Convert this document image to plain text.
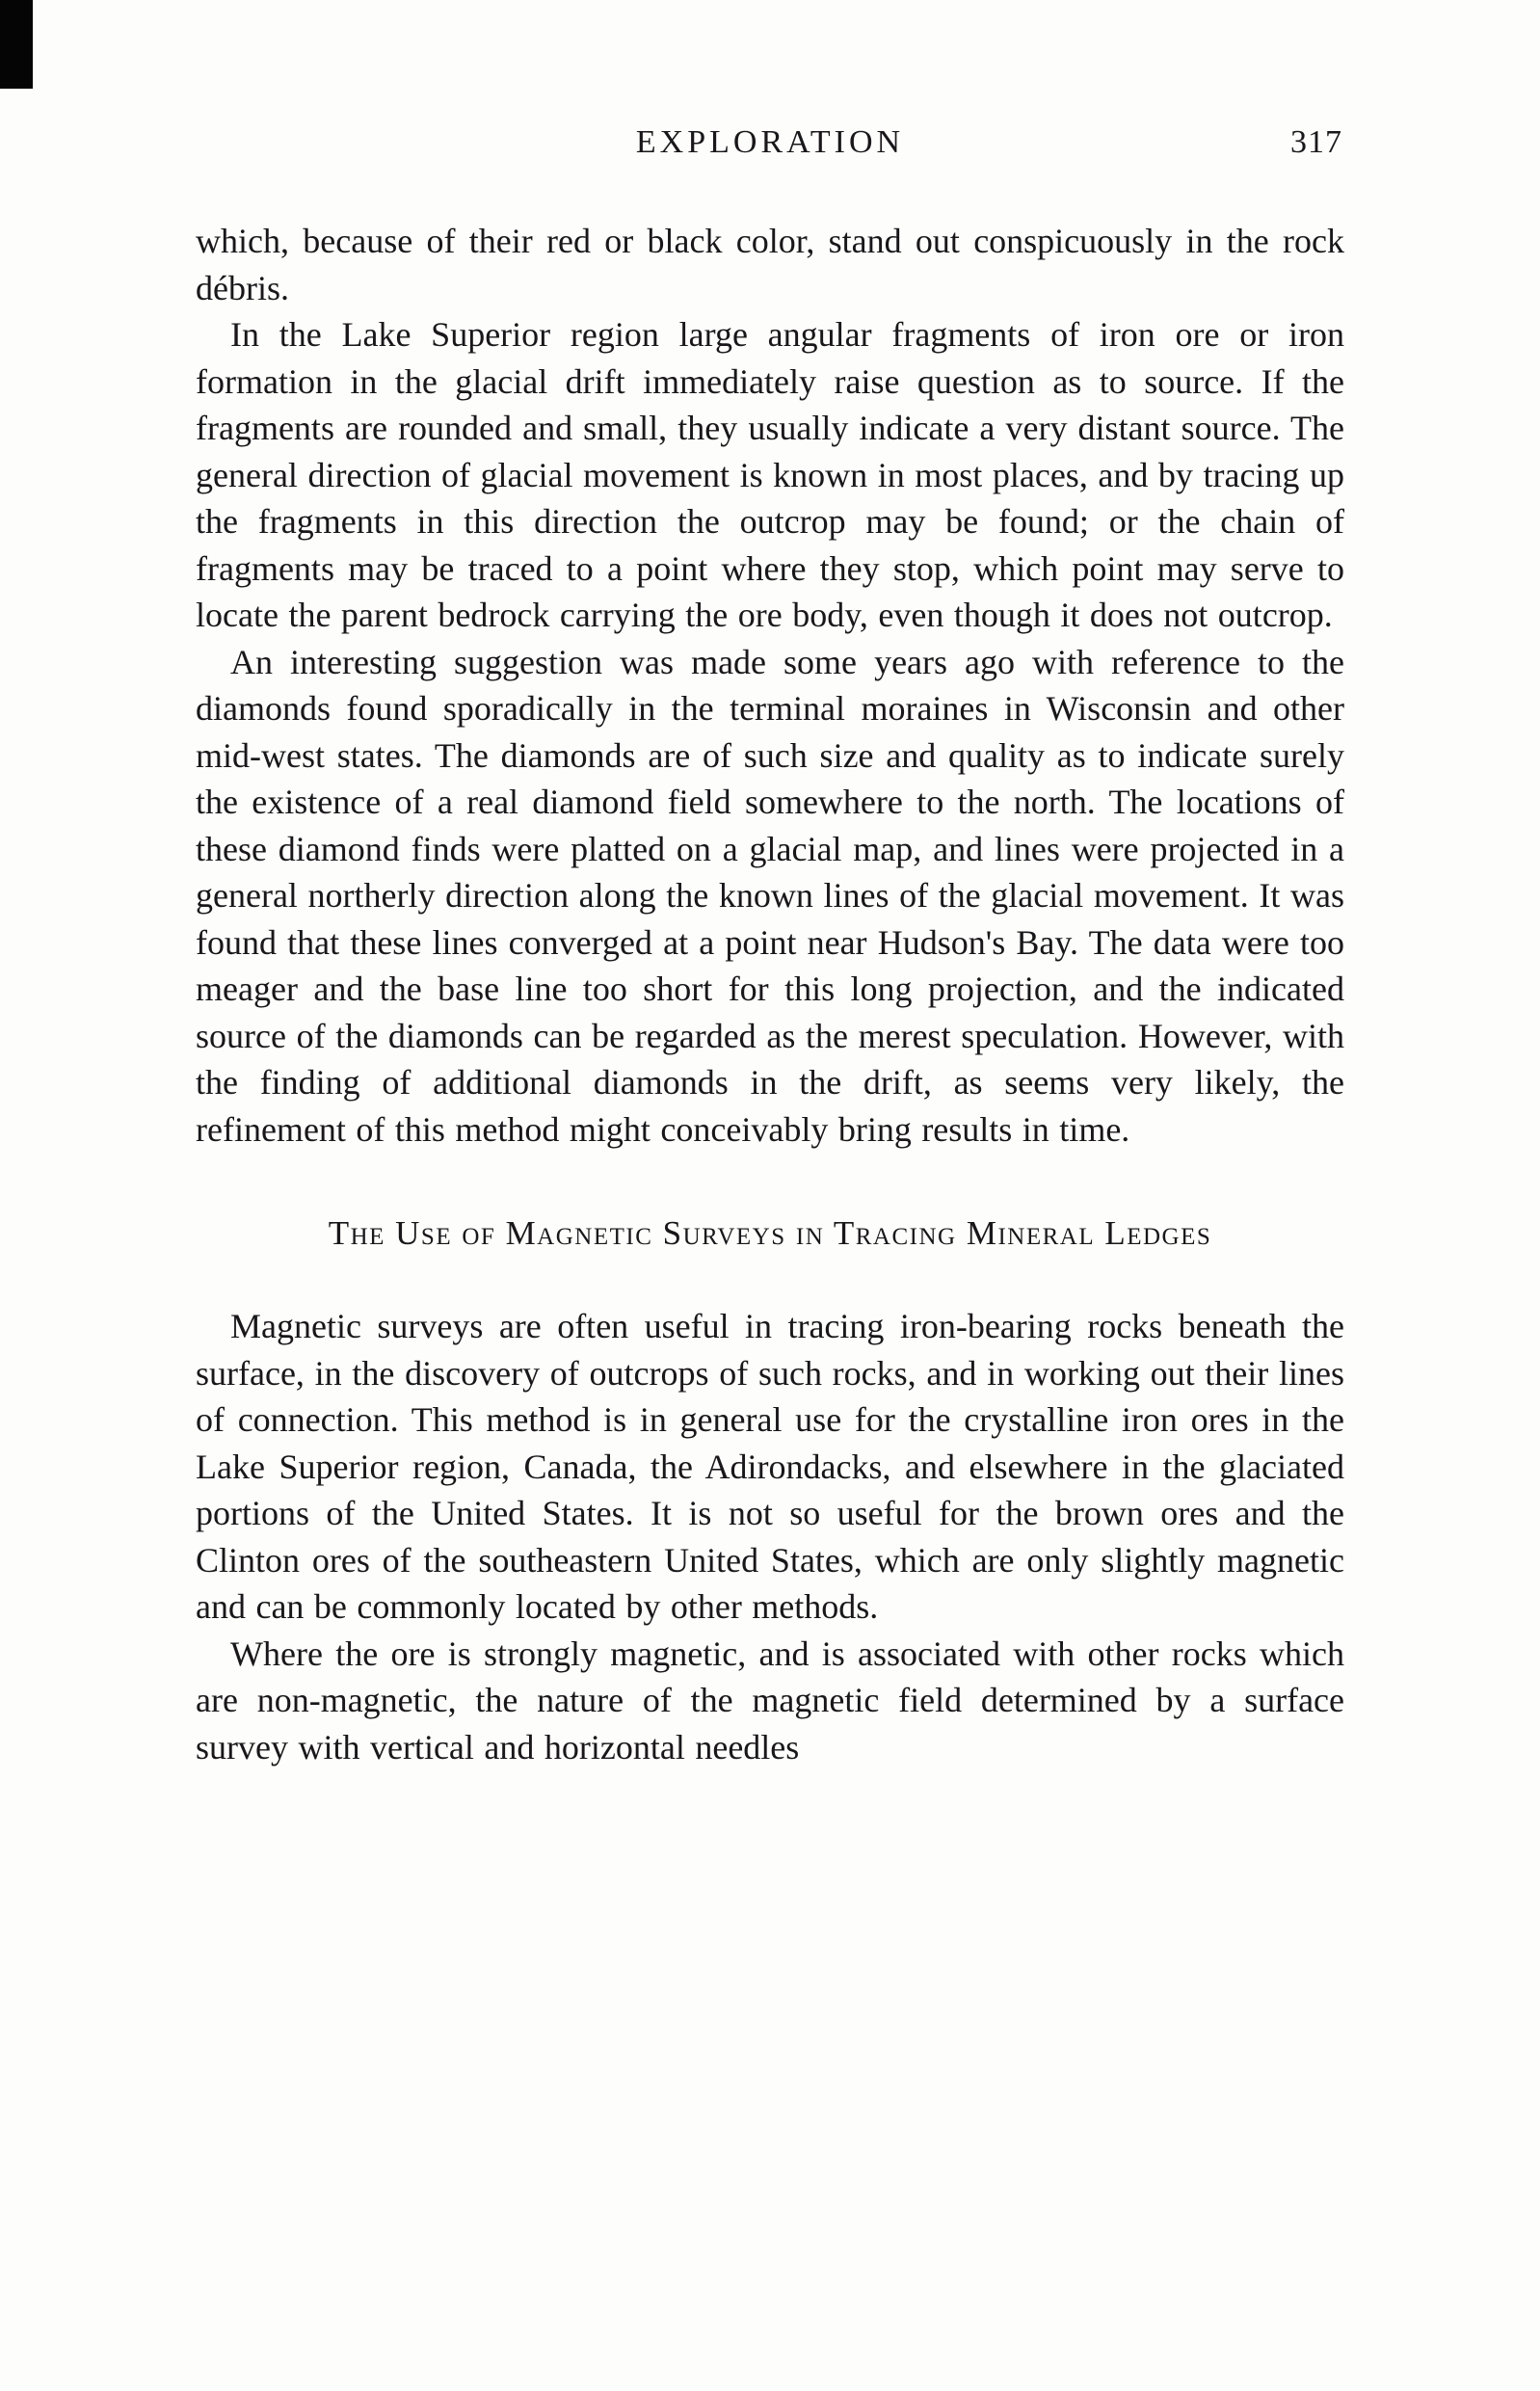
EXPLORATION	317

which, because of their red or black color, stand out conspicuously in the rock débris.

In the Lake Superior region large angular fragments of iron ore or iron formation in the glacial drift immediately raise question as to source. If the fragments are rounded and small, they usually indicate a very distant source. The general direction of glacial movement is known in most places, and by tracing up the fragments in this direction the outcrop may be found; or the chain of fragments may be traced to a point where they stop, which point may serve to locate the parent bedrock carrying the ore body, even though it does not outcrop.

An interesting suggestion was made some years ago with reference to the diamonds found sporadically in the terminal moraines in Wisconsin and other mid-west states. The diamonds are of such size and quality as to indicate surely the existence of a real diamond field somewhere to the north. The locations of these diamond finds were platted on a glacial map, and lines were projected in a general northerly direction along the known lines of the glacial movement. It was found that these lines converged at a point near Hudson's Bay. The data were too meager and the base line too short for this long projection, and the indicated source of the diamonds can be regarded as the merest speculation. However, with the finding of additional diamonds in the drift, as seems very likely, the refinement of this method might conceivably bring results in time.

The Use of Magnetic Surveys in Tracing Mineral Ledges

Magnetic surveys are often useful in tracing iron-bearing rocks beneath the surface, in the discovery of outcrops of such rocks, and in working out their lines of connection. This method is in general use for the crystalline iron ores in the Lake Superior region, Canada, the Adirondacks, and elsewhere in the glaciated portions of the United States. It is not so useful for the brown ores and the Clinton ores of the southeastern United States, which are only slightly magnetic and can be commonly located by other methods.

Where the ore is strongly magnetic, and is associated with other rocks which are non-magnetic, the nature of the magnetic field determined by a surface survey with vertical and horizontal needles
